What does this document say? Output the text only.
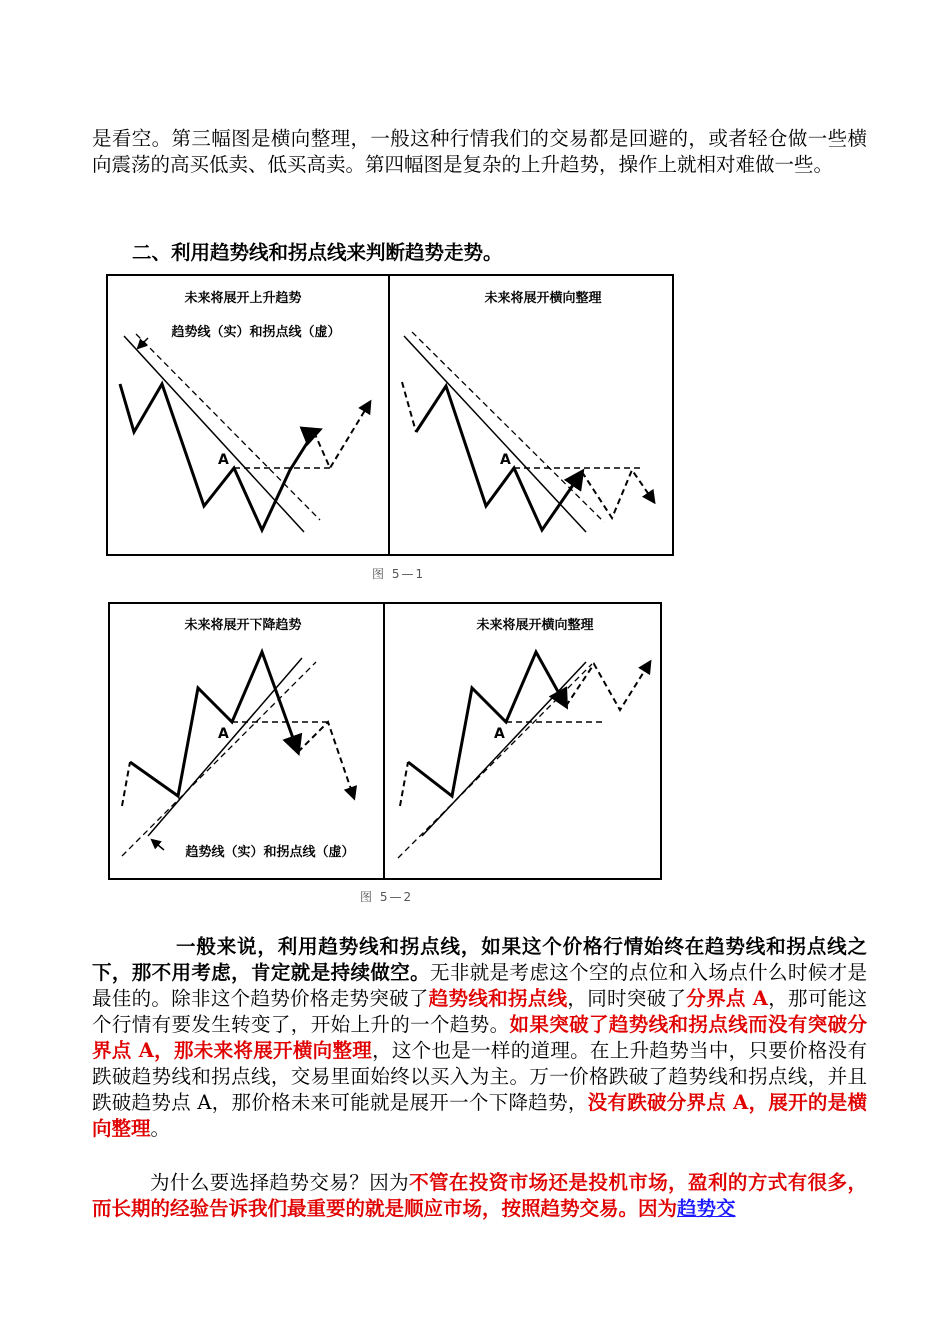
是看空。第三幅图是横向整理，一般这种行情我们的交易都是回避的，或者轻仓做一些横向震荡的高买低卖、低买高卖。第四幅图是复杂的上升趋势，操作上就相对难做一些。
二、利用趋势线和拐点线来判断趋势走势。
未来将展开上升趋势
趋势线（实）和拐点线（虚）
A
未来将展开横向整理
A
图 5—1
未来将展开下降趋势
A
趋势线（实）和拐点线（虚）
未来将展开横向整理
A
图 5—2
一般来说，利用趋势线和拐点线，如果这个价格行情始终在趋势线和拐点线之下，那不用考虑，肯定就是持续做空。无非就是考虑这个空的点位和入场点什么时候才是最佳的。除非这个趋势价格走势突破了趋势线和拐点线，同时突破了分界点 A，那可能这个行情有要发生转变了，开始上升的一个趋势。如果突破了趋势线和拐点线而没有突破分界点 A，那未来将展开横向整理，这个也是一样的道理。在上升趋势当中，只要价格没有跌破趋势线和拐点线，交易里面始终以买入为主。万一价格跌破了趋势线和拐点线，并且跌破趋势点 A，那价格未来可能就是展开一个下降趋势，没有跌破分界点 A，展开的是横向整理。
为什么要选择趋势交易？因为不管在投资市场还是投机市场，盈利的方式有很多，而长期的经验告诉我们最重要的就是顺应市场，按照趋势交易。因为趋势交
